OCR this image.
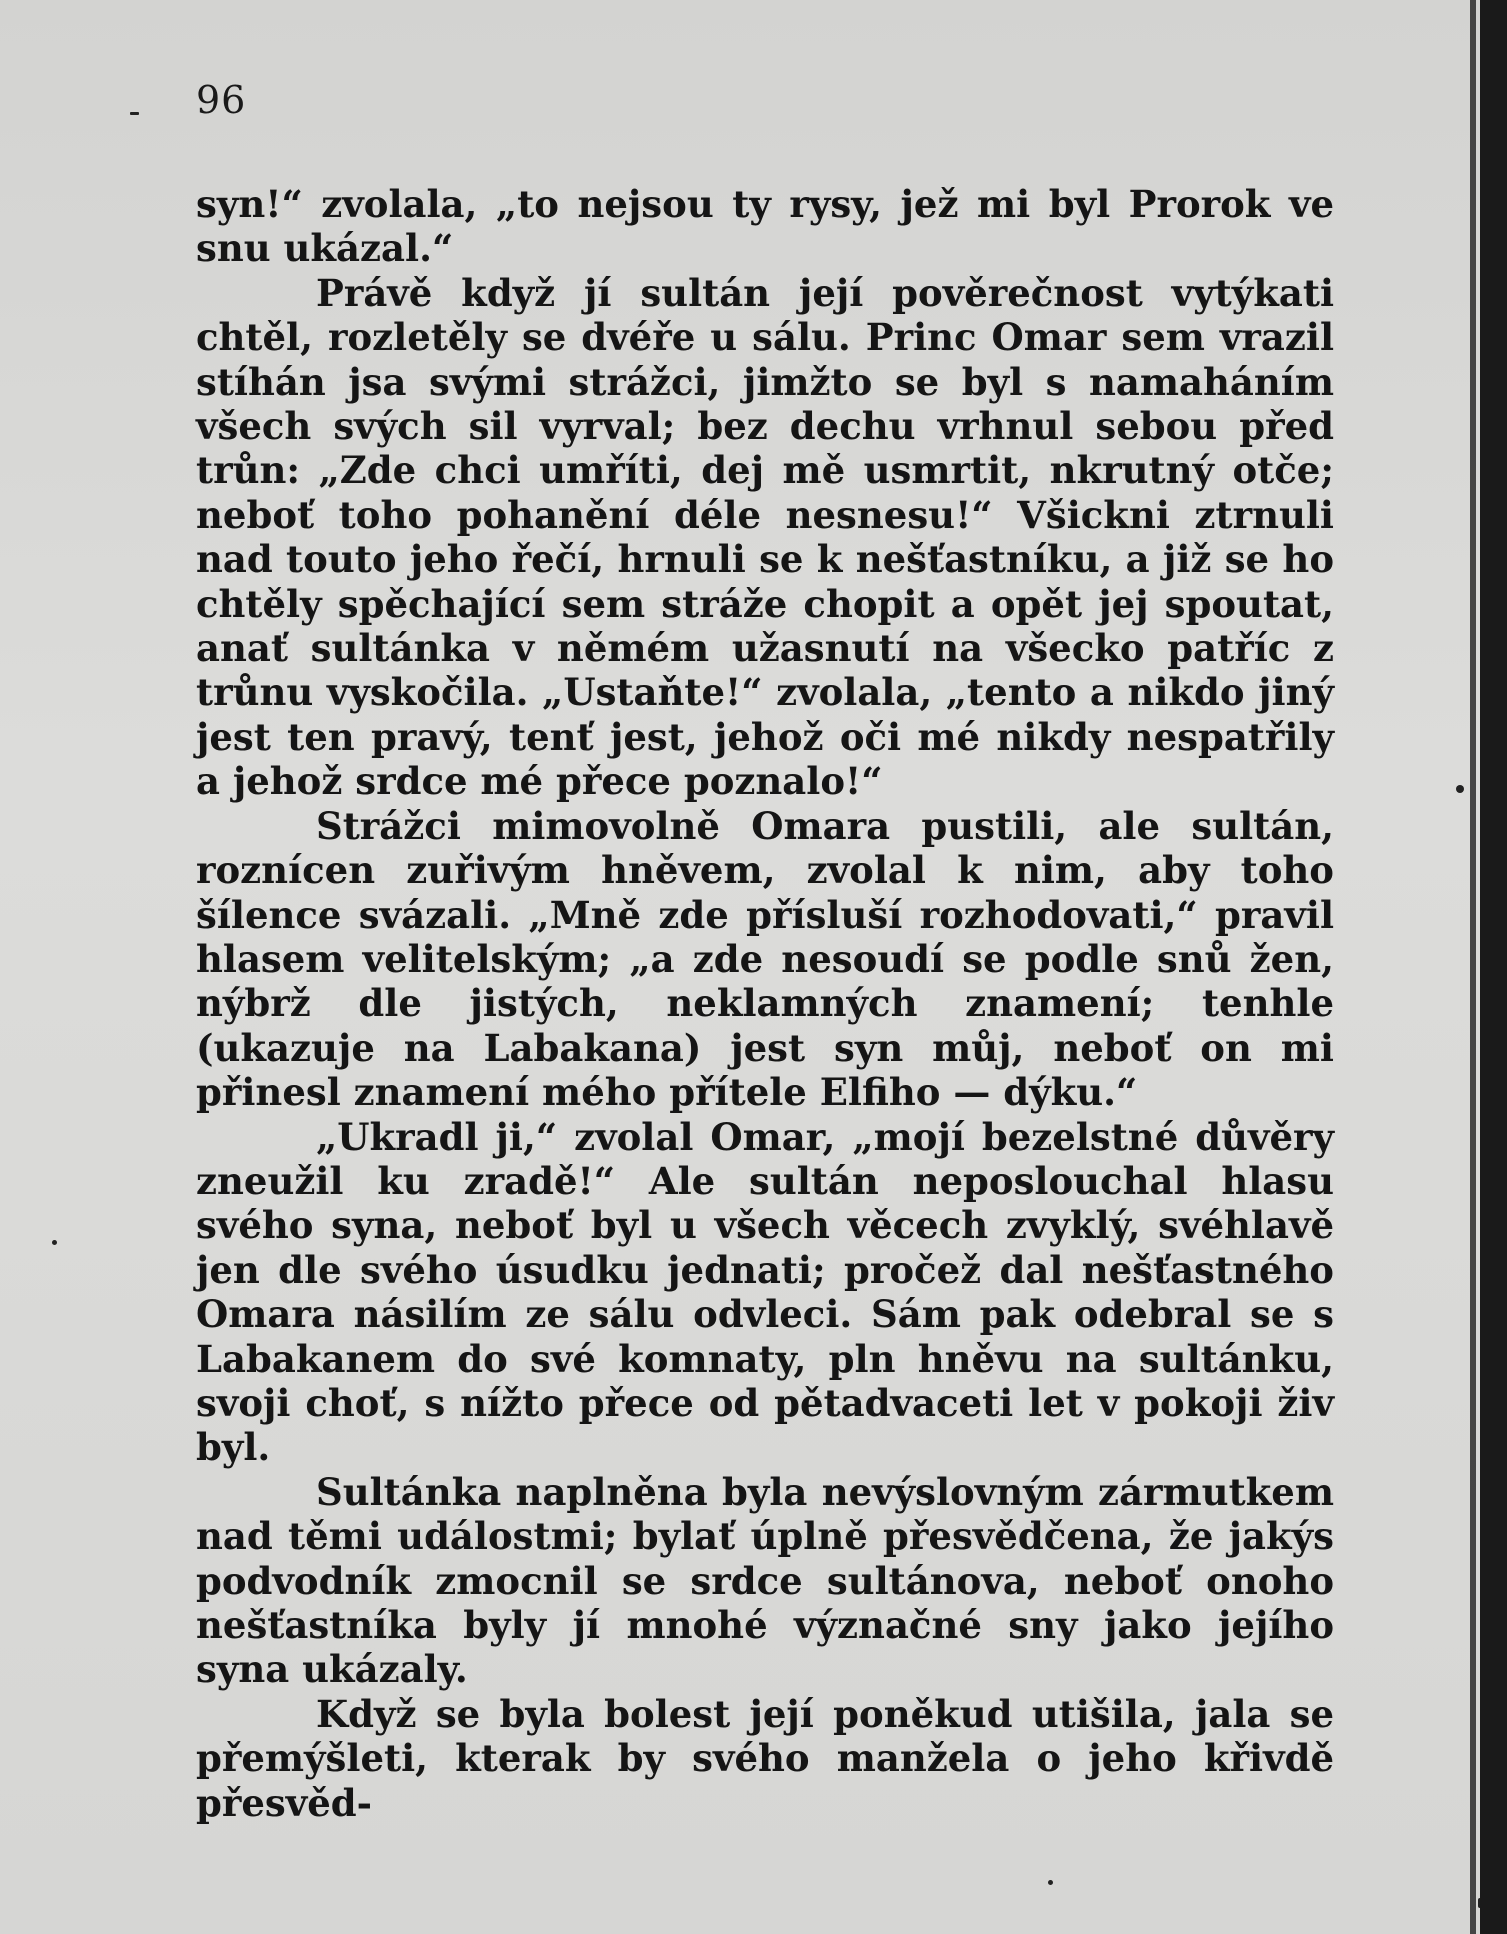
96

syn!“ zvolala, „to nejsou ty rysy, jež mi byl Prorok ve snu ukázal.“

Právě když jí sultán její pověrečnost vytýkati chtěl, rozletěly se dvéře u sálu. Princ Omar sem vrazil stíhán jsa svými strážci, jimžto se byl s namaháním všech svých sil vyrval; bez dechu vrhnul sebou před trůn: „Zde chci umříti, dej mě usmrtit, nkrutný otče; neboť toho pohanění déle nesnesu!“ Všickni ztrnuli nad touto jeho řečí, hrnuli se k nešťastníku, a již se ho chtěly spěchající sem stráže chopit a opět jej spoutat, anať sultánka v němém užasnutí na všecko patříc z trůnu vyskočila. „Ustaňte!“ zvolala, „tento a nikdo jiný jest ten pravý, tenť jest, jehož oči mé nikdy nespatřily a jehož srdce mé přece poznalo!“

Strážci mimovolně Omara pustili, ale sultán, roznícen zuřivým hněvem, zvolal k nim, aby toho šílence svázali. „Mně zde přísluší rozhodovati,“ pravil hlasem velitelským; „a zde nesoudí se podle snů žen, nýbrž dle jistých, neklamných znamení; tenhle (ukazuje na Labakana) jest syn můj, neboť on mi přinesl znamení mého přítele Elfiho — dýku.“

„Ukradl ji,“ zvolal Omar, „mojí bezelstné důvěry zneužil ku zradě!“ Ale sultán neposlouchal hlasu svého syna, neboť byl u všech věcech zvyklý, svéhlavě jen dle svého úsudku jednati; pročež dal nešťastného Omara násilím ze sálu odvleci. Sám pak odebral se s Labakanem do své komnaty, pln hněvu na sultánku, svoji choť, s nížto přece od pětadvaceti let v pokoji živ byl.

Sultánka naplněna byla nevýslovným zármutkem nad těmi událostmi; bylať úplně přesvědčena, že jakýs podvodník zmocnil se srdce sultánova, neboť onoho nešťastníka byly jí mnohé význačné sny jako jejího syna ukázaly.

Když se byla bolest její poněkud utišila, jala se přemýšleti, kterak by svého manžela o jeho křivdě přesvěd-
